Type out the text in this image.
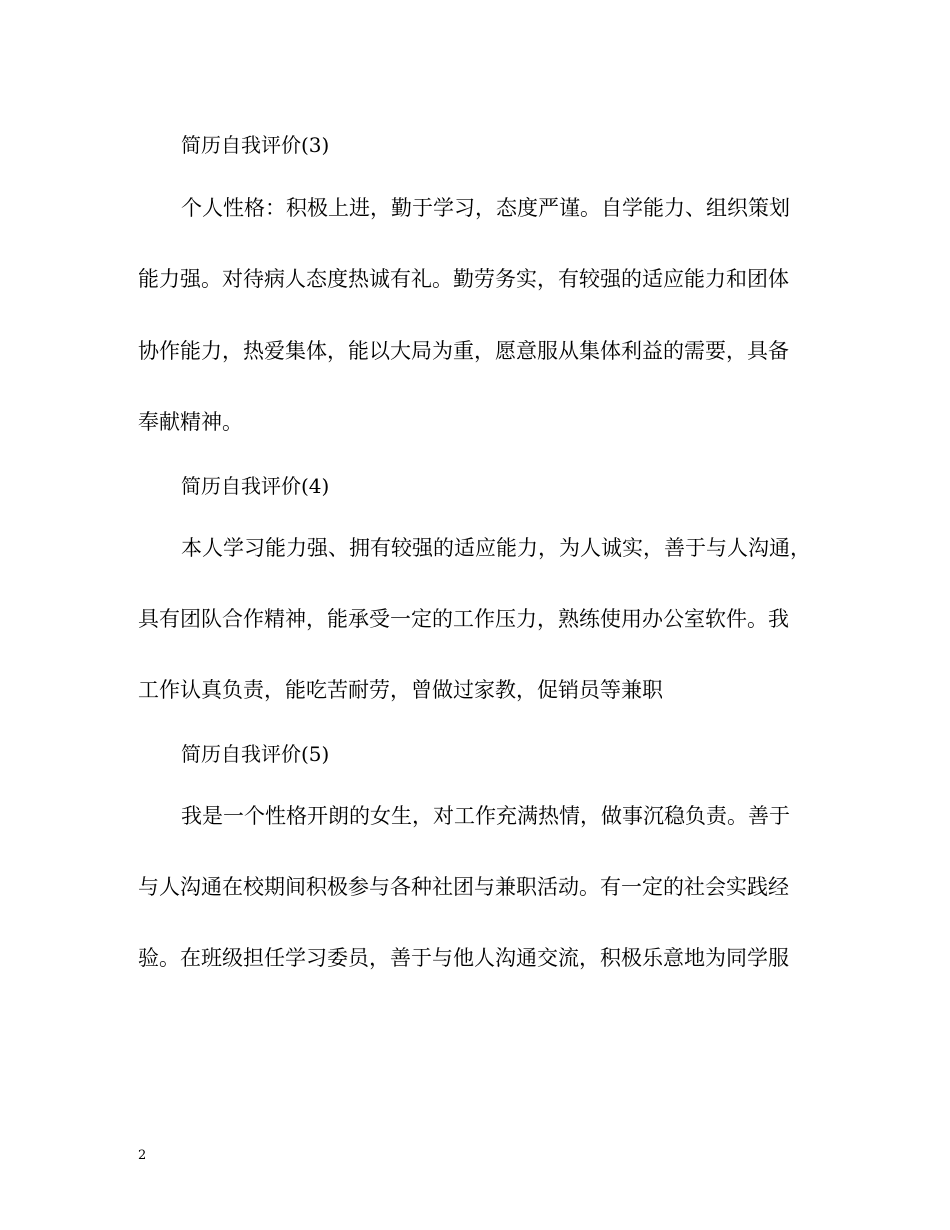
简历自我评价(3)
个人性格：积极上进，勤于学习，态度严谨。自学能力、组织策划
能力强。对待病人态度热诚有礼。勤劳务实，有较强的适应能力和团体
协作能力，热爱集体，能以大局为重，愿意服从集体利益的需要，具备
奉献精神。
简历自我评价(4)
本人学习能力强、拥有较强的适应能力，为人诚实，善于与人沟通，
具有团队合作精神，能承受一定的工作压力，熟练使用办公室软件。我
工作认真负责，能吃苦耐劳，曾做过家教，促销员等兼职
简历自我评价(5)
我是一个性格开朗的女生，对工作充满热情，做事沉稳负责。善于
与人沟通在校期间积极参与各种社团与兼职活动。有一定的社会实践经
验。在班级担任学习委员，善于与他人沟通交流，积极乐意地为同学服
2
